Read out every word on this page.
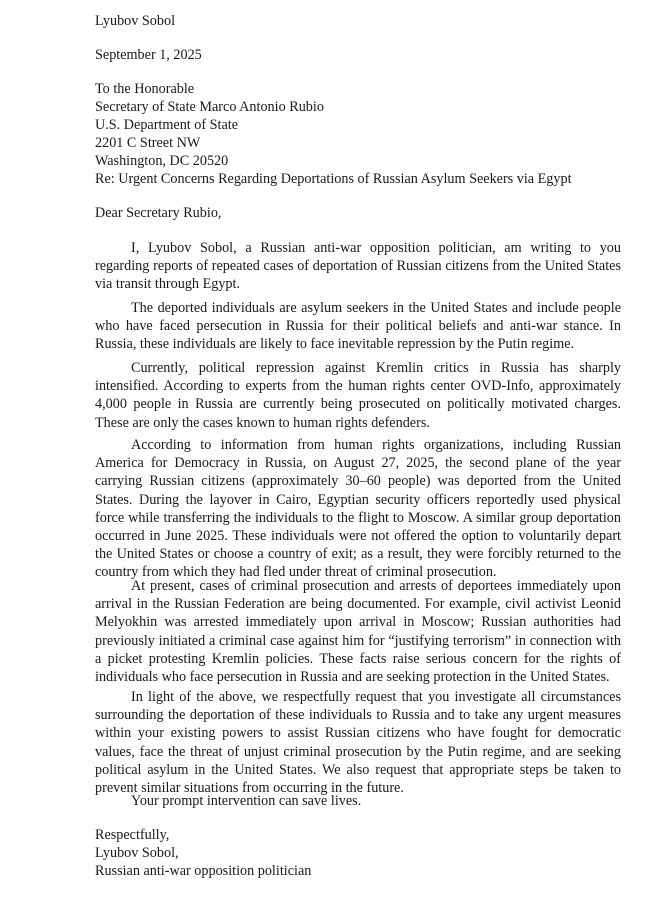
Lyubov Sobol
September 1, 2025
To the Honorable
Secretary of State Marco Antonio Rubio
U.S. Department of State
2201 C Street NW
Washington, DC 20520
Re: Urgent Concerns Regarding Deportations of Russian Asylum Seekers via Egypt
Dear Secretary Rubio,
I, Lyubov Sobol, a Russian anti-war opposition politician, am writing to you regarding reports of repeated cases of deportation of Russian citizens from the United States via transit through Egypt.
The deported individuals are asylum seekers in the United States and include people who have faced persecution in Russia for their political beliefs and anti-war stance. In Russia, these individuals are likely to face inevitable repression by the Putin regime.
Currently, political repression against Kremlin critics in Russia has sharply intensified. According to experts from the human rights center OVD-Info, approximately 4,000 people in Russia are currently being prosecuted on politically motivated charges. These are only the cases known to human rights defenders.
According to information from human rights organizations, including Russian America for Democracy in Russia, on August 27, 2025, the second plane of the year carrying Russian citizens (approximately 30–60 people) was deported from the United States. During the layover in Cairo, Egyptian security officers reportedly used physical force while transferring the individuals to the flight to Moscow. A similar group deportation occurred in June 2025. These individuals were not offered the option to voluntarily depart the United States or choose a country of exit; as a result, they were forcibly returned to the country from which they had fled under threat of criminal prosecution.
At present, cases of criminal prosecution and arrests of deportees immediately upon arrival in the Russian Federation are being documented. For example, civil activist Leonid Melyokhin was arrested immediately upon arrival in Moscow; Russian authorities had previously initiated a criminal case against him for “justifying terrorism” in connection with a picket protesting Kremlin policies. These facts raise serious concern for the rights of individuals who face persecution in Russia and are seeking protection in the United States.
In light of the above, we respectfully request that you investigate all circumstances surrounding the deportation of these individuals to Russia and to take any urgent measures within your existing powers to assist Russian citizens who have fought for democratic values, face the threat of unjust criminal prosecution by the Putin regime, and are seeking political asylum in the United States. We also request that appropriate steps be taken to prevent similar situations from occurring in the future.
Your prompt intervention can save lives.
Respectfully,
Lyubov Sobol,
Russian anti-war opposition politician
